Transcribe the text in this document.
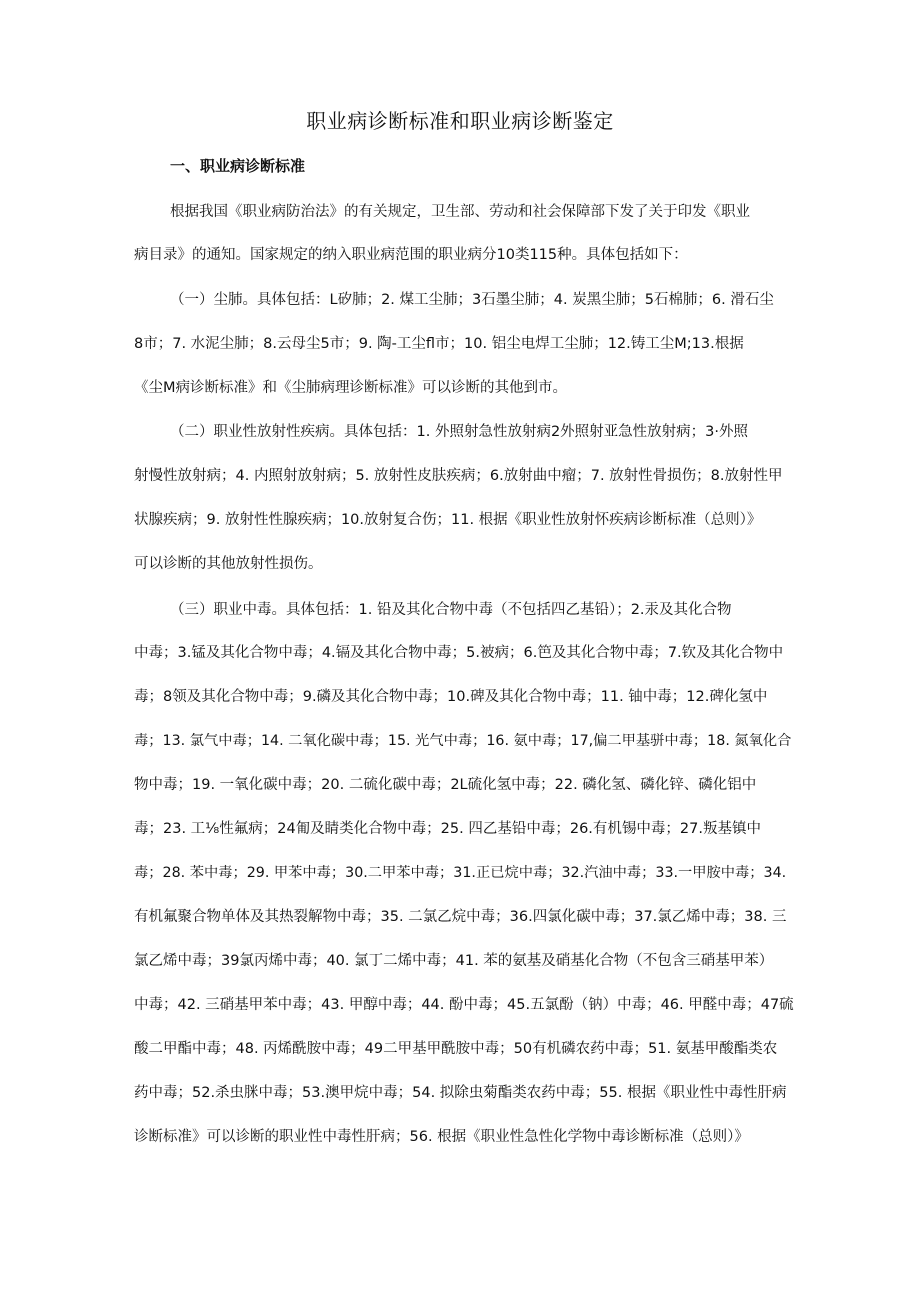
职业病诊断标准和职业病诊断鉴定
一、职业病诊断标准

根据我国《职业病防治法》的有关规定，卫生部、劳动和社会保障部下发了关于印发《职业

病目录》的通知。国家规定的纳入职业病范围的职业病分10类115种。具体包括如下：

（一）尘肺。具体包括：L矽肺；2. 煤工尘肺；3石墨尘肺；4. 炭黑尘肺；5石棉肺；6. 滑石尘

8市；7. 水泥尘肺；8.云母尘5市；9. 陶-工尘fl市；10. 铝尘电焊工尘肺；12.铸工尘M;13.根据

《尘M病诊断标准》和《尘肺病理诊断标准》可以诊断的其他到市。

（二）职业性放射性疾病。具体包括：1. 外照射急性放射病2外照射亚急性放射病；3·外照

射慢性放射病；4. 内照射放射病；5. 放射性皮肤疾病；6.放射曲中瘤；7. 放射性骨损伤；8.放射性甲

状腺疾病；9. 放射性性腺疾病；10.放射复合伤；11. 根据《职业性放射怀疾病诊断标准（总则）》

可以诊断的其他放射性损伤。

（三）职业中毒。具体包括：1. 铅及其化合物中毒（不包括四乙基铅）；2.汞及其化合物

中毒；3.锰及其化合物中毒；4.镉及其化合物中毒；5.被病；6.笆及其化合物中毒；7.钦及其化合物中

毒；8领及其化合物中毒；9.磷及其化合物中毒；10.碑及其化合物中毒；11. 铀中毒；12.碑化氢中

毒；13. 氯气中毒；14. 二氧化碳中毒；15. 光气中毒；16. 氨中毒；17,偏二甲基骈中毒；18. 氮氧化合

物中毒；19. 一氧化碳中毒；20. 二硫化碳中毒；2L硫化氢中毒；22. 磷化氢、磷化锌、磷化铝中

毒；23. 工⅛性氟病；24匍及睛类化合物中毒；25. 四乙基铅中毒；26.有机锡中毒；27.叛基镇中

毒；28. 苯中毒；29. 甲苯中毒；30.二甲苯中毒；31.正已烷中毒；32.汽油中毒；33.一甲胺中毒；34.

有机氟聚合物单体及其热裂解物中毒；35. 二氯乙烷中毒；36.四氯化碳中毒；37.氯乙烯中毒；38. 三

氯乙烯中毒；39氯丙烯中毒；40. 氯丁二烯中毒；41. 苯的氨基及硝基化合物（不包含三硝基甲苯）

中毒；42. 三硝基甲苯中毒；43. 甲醇中毒；44. 酚中毒；45.五氯酚（钠）中毒；46. 甲醛中毒；47硫

酸二甲酯中毒；48. 丙烯酰胺中毒；49二甲基甲酰胺中毒；50有机磷农药中毒；51. 氨基甲酸酯类农

药中毒；52.杀虫脒中毒；53.澳甲烷中毒；54. 拟除虫菊酯类农药中毒；55. 根据《职业性中毒性肝病

诊断标准》可以诊断的职业性中毒性肝病；56. 根据《职业性急性化学物中毒诊断标准（总则）》
